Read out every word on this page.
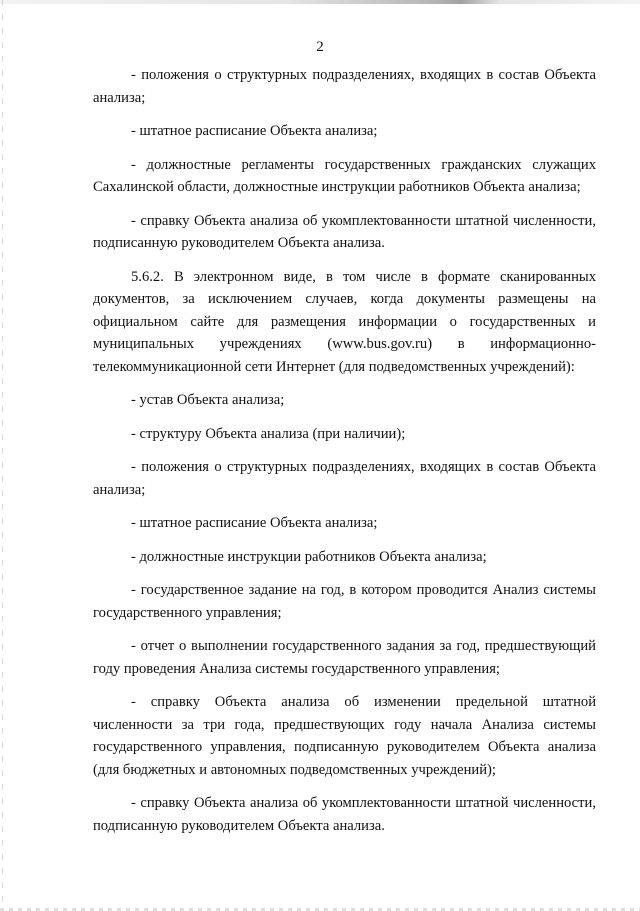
2

- положения о структурных подразделениях, входящих в состав Объекта анализа;

- штатное расписание Объекта анализа;

- должностные регламенты государственных гражданских служащих Сахалинской области, должностные инструкции работников Объекта анализа;

- справку Объекта анализа об укомплектованности штатной численности, подписанную руководителем Объекта анализа.

5.6.2. В электронном виде, в том числе в формате сканированных документов, за исключением случаев, когда документы размещены на официальном сайте для размещения информации о государственных и муниципальных учреждениях (www.bus.gov.ru) в информационно-телекоммуникационной сети Интернет (для подведомственных учреждений):

- устав Объекта анализа;

- структуру Объекта анализа (при наличии);

- положения о структурных подразделениях, входящих в состав Объекта анализа;

- штатное расписание Объекта анализа;

- должностные инструкции работников Объекта анализа;

- государственное задание на год, в котором проводится Анализ системы государственного управления;

- отчет о выполнении государственного задания за год, предшествующий году проведения Анализа системы государственного управления;

- справку Объекта анализа об изменении предельной штатной численности за три года, предшествующих году начала Анализа системы государственного управления, подписанную руководителем Объекта анализа (для бюджетных и автономных подведомственных учреждений);

- справку Объекта анализа об укомплектованности штатной численности, подписанную руководителем Объекта анализа.
